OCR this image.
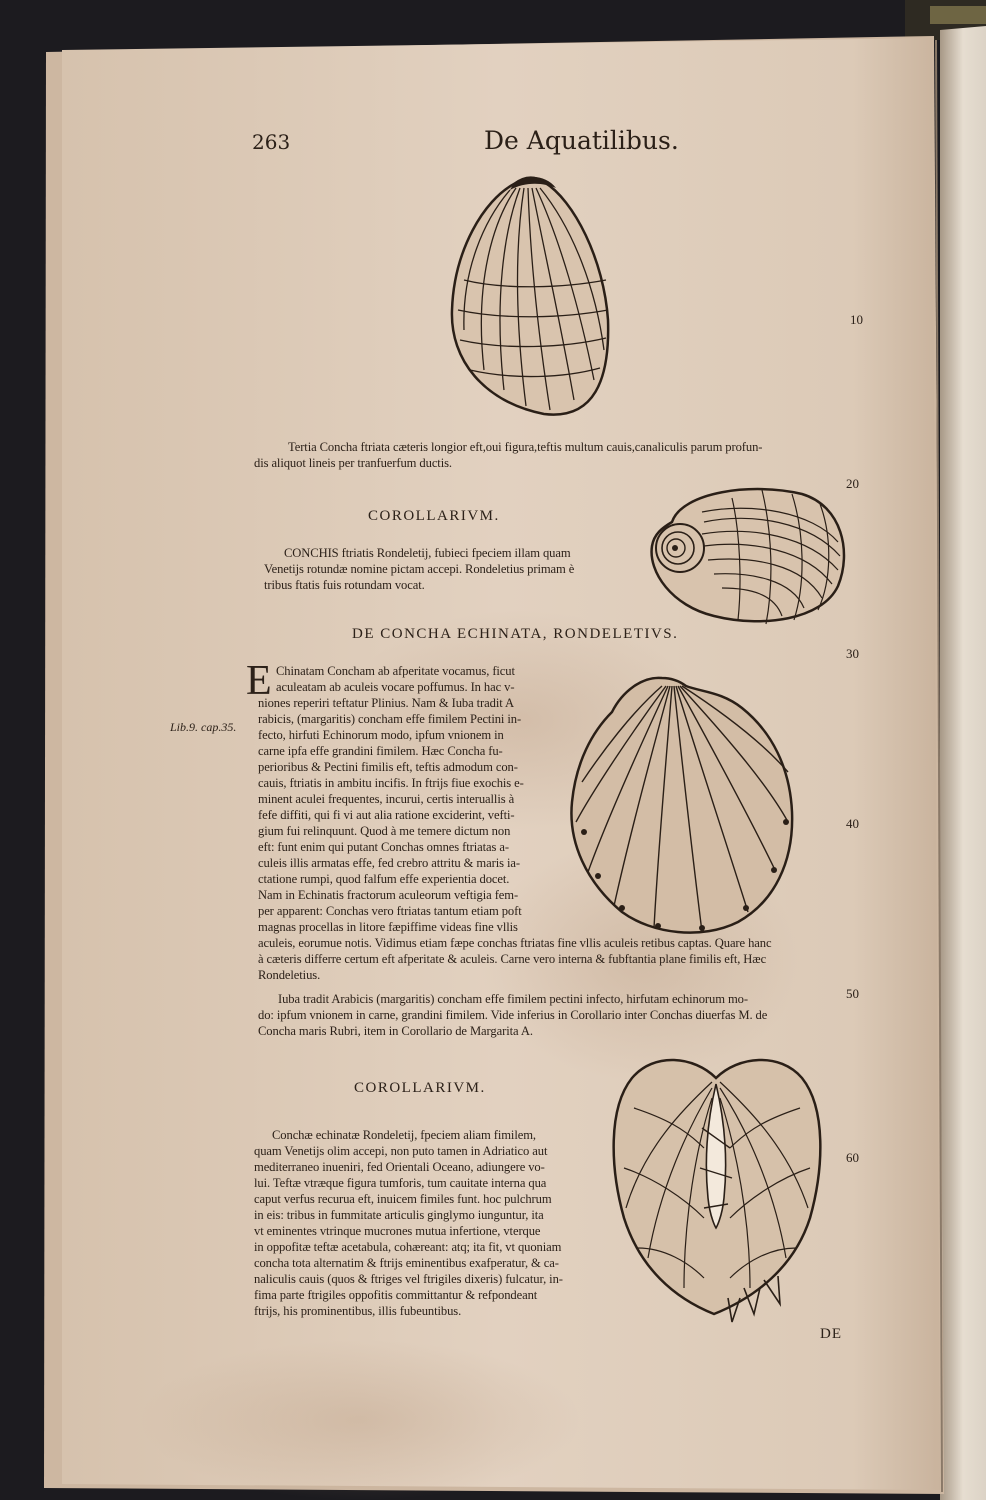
263	De Aquatilibus.
Tertia Concha ftriata cæteris longior eft,oui figura,teftis multum cauis,canaliculis parum profun-
dis aliquot lineis per tranfuerfum ductis.
COROLLARIVM.
CONCHIS ftriatis Rondeletij, fubieci fpeciem illam quam
Venetijs rotundæ nomine pictam accepi. Rondeletius primam è
tribus ftatis fuis rotundam vocat.
DE CONCHA ECHINATA, RONDELETIVS.
E Chinatam Concham ab afperitate vocamus, ficut
aculeatam ab aculeis vocare poffumus. In hac v-
niones reperiri teftatur Plinius. Nam & Iuba tradit A
rabicis, (margaritis) concham effe fimilem Pectini in-
fecto, hirfuti Echinorum modo, ipfum vnionem in
carne ipfa effe grandini fimilem. Hæc Concha fu-
perioribus & Pectini fimilis eft, teftis admodum con-
cauis, ftriatis in ambitu incifis. In ftrijs fiue exochis e-
minent aculei frequentes, incurui, certis interuallis à
fefe diffiti, qui fi vi aut alia ratione exciderint, vefti-
gium fui relinquunt. Quod à me temere dictum non
eft: funt enim qui putant Conchas omnes ftriatas a-
culeis illis armatas effe, fed crebro attritu & maris ia-
ctatione rumpi, quod falfum effe experientia docet.
Nam in Echinatis fractorum aculeorum veftigia fem-
per apparent: Conchas vero ftriatas tantum etiam poft
magnas procellas in litore fæpiffime videas fine vllis
aculeis, eorumue notis. Vidimus etiam fæpe conchas ftriatas fine vllis aculeis retibus captas. Quare hanc
à cæteris differre certum eft afperitate & aculeis. Carne vero interna & fubftantia plane fimilis eft, Hæc
Rondeletius.
Lib.9. cap.35.
Iuba tradit Arabicis (margaritis) concham effe fimilem pectini infecto, hirfutam echinorum mo-
do: ipfum vnionem in carne, grandini fimilem. Vide inferius in Corollario inter Conchas diuerfas M. de
Concha maris Rubri, item in Corollario de Margarita A.
COROLLARIVM.
Conchæ echinatæ Rondeletij, fpeciem aliam fimilem,
quam Venetijs olim accepi, non puto tamen in Adriatico aut
mediterraneo inueniri, fed Orientali Oceano, adiungere vo-
lui. Teftæ vtræque figura tumforis, tum cauitate interna qua
caput verfus recurua eft, inuicem fimiles funt. hoc pulchrum
in eis: tribus in fummitate articulis ginglymo iunguntur, ita
vt eminentes vtrinque mucrones mutua infertione, vterque
in oppofitæ teftæ acetabula, cohæreant: atq; ita fit, vt quoniam
concha tota alternatim & ftrijs eminentibus exafperatur, & ca-
naliculis cauis (quos & ftriges vel ftrigiles dixeris) fulcatur, in-
fima parte ftrigiles oppofitis committantur & refpondeant
ftrijs, his prominentibus, illis fubeuntibus.
10
20
30
40
50
60
DE
